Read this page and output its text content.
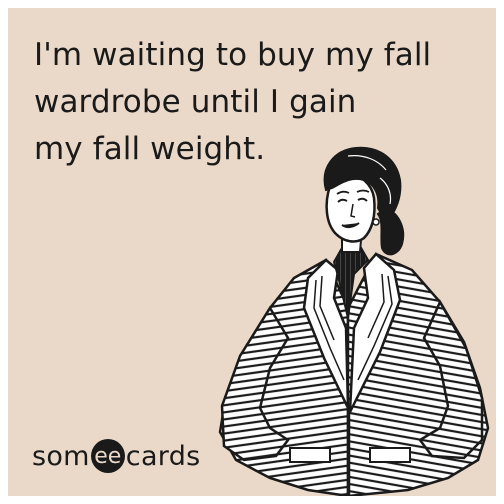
I'm waiting to buy my fall
wardrobe until I gain
my fall weight.
som ee cards
